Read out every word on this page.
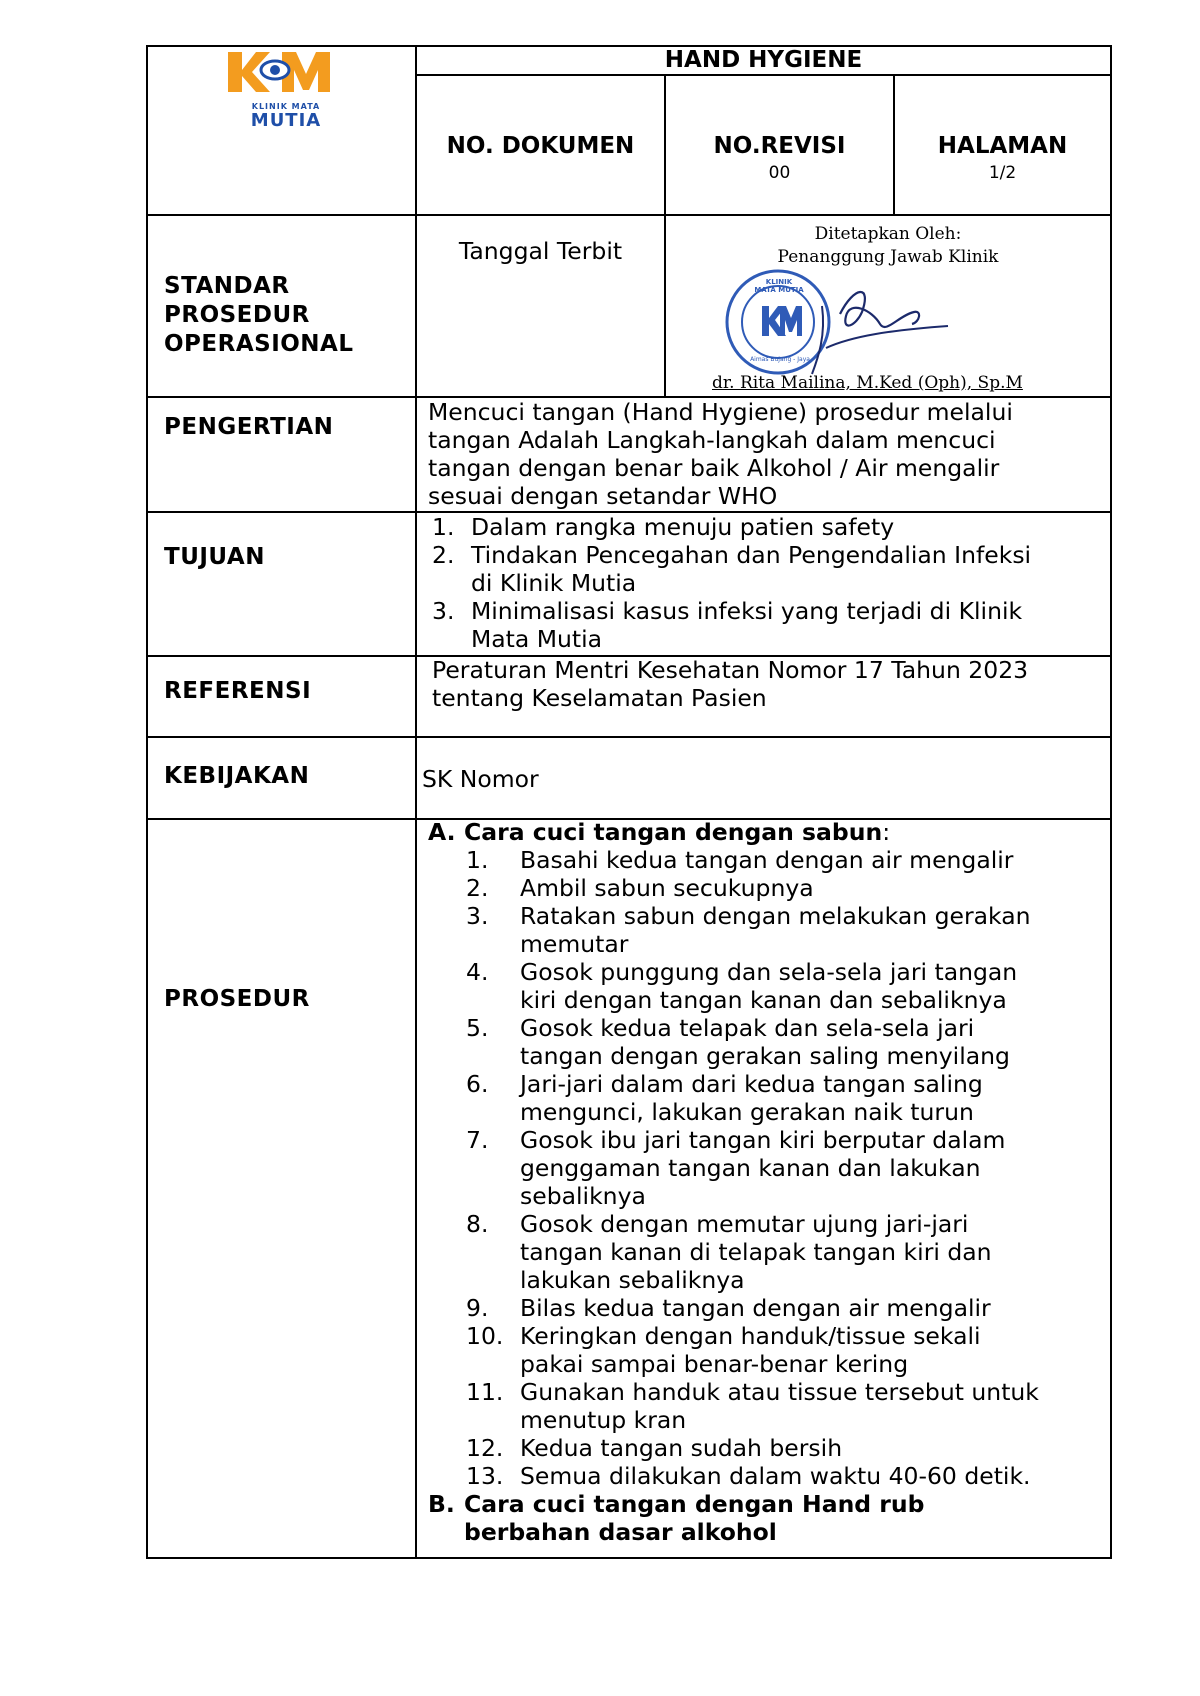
KLINIK MATA
MUTIA
HAND HYGIENE
NO. DOKUMEN	NO.REVISI
00
HALAMAN
1/2
STANDAR
PROSEDUR
OPERASIONAL
Tanggal Terbit
Ditetapkan Oleh:
Penanggung Jawab Klinik
KLINIK MATA MUTIA
Aimas Bujang - Jaya
dr. Rita Mailina, M.Ked (Oph), Sp.M
PENGERTIAN
Mencuci tangan (Hand Hygiene) prosedur melalui
tangan Adalah Langkah-langkah dalam mencuci
tangan dengan benar baik Alkohol / Air mengalir
sesuai dengan setandar WHO
TUJUAN
1. Dalam rangka menuju patien safety
2. Tindakan Pencegahan dan Pengendalian Infeksi
di Klinik Mutia
3. Minimalisasi kasus infeksi yang terjadi di Klinik
Mata Mutia
REFERENSI
Peraturan Mentri Kesehatan Nomor 17 Tahun 2023
tentang Keselamatan Pasien
KEBIJAKAN	SK Nomor
PROSEDUR
A. Cara cuci tangan dengan sabun:
1. Basahi kedua tangan dengan air mengalir
2. Ambil sabun secukupnya
3. Ratakan sabun dengan melakukan gerakan
memutar
4. Gosok punggung dan sela-sela jari tangan
kiri dengan tangan kanan dan sebaliknya
5. Gosok kedua telapak dan sela-sela jari
tangan dengan gerakan saling menyilang
6. Jari-jari dalam dari kedua tangan saling
mengunci, lakukan gerakan naik turun
7. Gosok ibu jari tangan kiri berputar dalam
genggaman tangan kanan dan lakukan
sebaliknya
8. Gosok dengan memutar ujung jari-jari
tangan kanan di telapak tangan kiri dan
lakukan sebaliknya
9. Bilas kedua tangan dengan air mengalir
10. Keringkan dengan handuk/tissue sekali
pakai sampai benar-benar kering
11. Gunakan handuk atau tissue tersebut untuk
menutup kran
12. Kedua tangan sudah bersih
13. Semua dilakukan dalam waktu 40-60 detik.
B. Cara cuci tangan dengan Hand rub
berbahan dasar alkohol
